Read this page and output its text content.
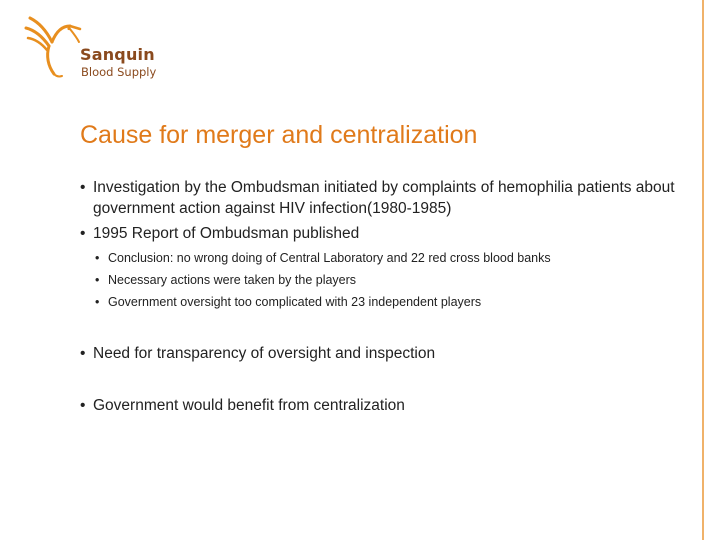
Sanquin
Blood Supply
Cause for merger and centralization
• Investigation by the Ombudsman initiated by complaints of hemophilia patients about government action against HIV infection(1980-1985)
• 1995 Report of Ombudsman published
• Conclusion: no wrong doing of Central Laboratory and 22 red cross blood banks
• Necessary actions were taken by the players
• Government oversight too complicated with 23 independent players
• Need for transparency of oversight and inspection
• Government would benefit from centralization
